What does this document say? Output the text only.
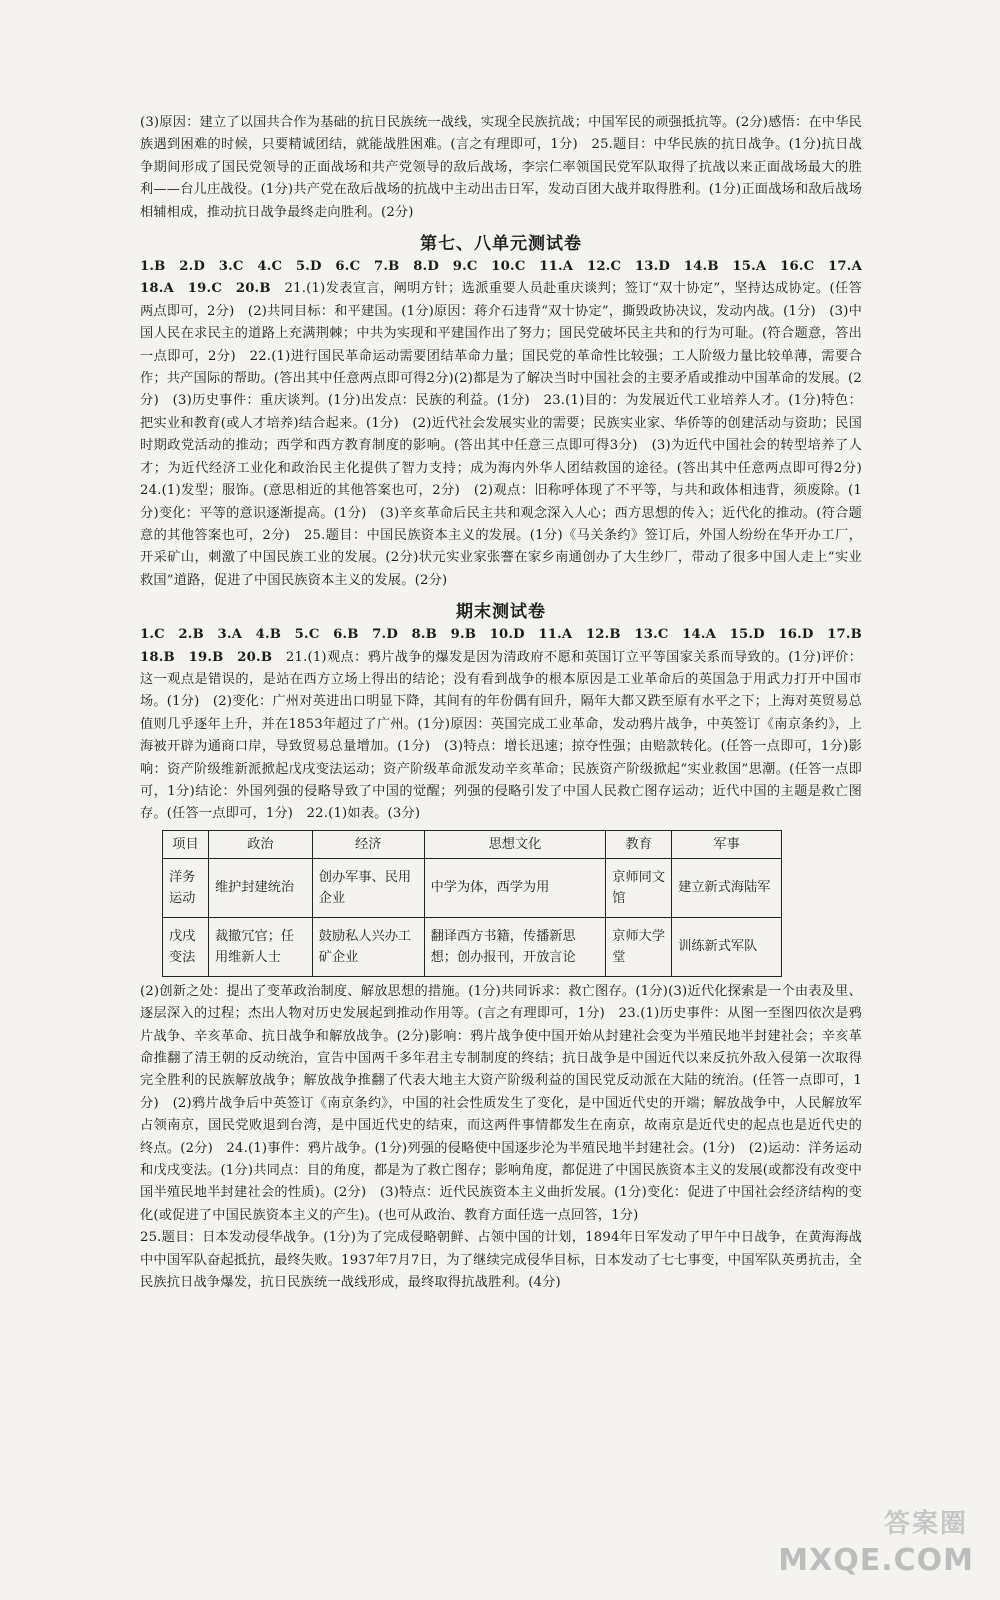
(3)原因：建立了以国共合作为基础的抗日民族统一战线，实现全民族抗战；中国军民的顽强抵抗等。(2分)感悟：在中华民族遇到困难的时候，只要精诚团结，就能战胜困难。(言之有理即可，1分)　25.题目：中华民族的抗日战争。(1分)抗日战争期间形成了国民党领导的正面战场和共产党领导的敌后战场，李宗仁率领国民党军队取得了抗战以来正面战场最大的胜利——台儿庄战役。(1分)共产党在敌后战场的抗战中主动出击日军，发动百团大战并取得胜利。(1分)正面战场和敌后战场相辅相成，推动抗日战争最终走向胜利。(2分)

第七、八单元测试卷

1.B　2.D　3.C　4.C　5.D　6.C　7.B　8.D　9.C　10.C　11.A　12.C　13.D　14.B　15.A　16.C　17.A　18.A　19.C　20.B　 21.(1)发表宣言，阐明方针；选派重要人员赴重庆谈判；签订“双十协定”，坚持达成协定。(任答两点即可，2分)　(2)共同目标：和平建国。(1分)原因：蒋介石违背“双十协定”，撕毁政协决议，发动内战。(1分)　(3)中国人民在求民主的道路上充满荆棘；中共为实现和平建国作出了努力；国民党破坏民主共和的行为可耻。(符合题意，答出一点即可，2分)　22.(1)进行国民革命运动需要团结革命力量；国民党的革命性比较强；工人阶级力量比较单薄，需要合作；共产国际的帮助。(答出其中任意两点即可得2分)(2)都是为了解决当时中国社会的主要矛盾或推动中国革命的发展。(2分)　(3)历史事件：重庆谈判。(1分)出发点：民族的利益。(1分)　23.(1)目的：为发展近代工业培养人才。(1分)特色：把实业和教育(或人才培养)结合起来。(1分)　(2)近代社会发展实业的需要；民族实业家、华侨等的创建活动与资助；民国时期政党活动的推动；西学和西方教育制度的影响。(答出其中任意三点即可得3分)　(3)为近代中国社会的转型培养了人才；为近代经济工业化和政治民主化提供了智力支持；成为海内外华人团结救国的途径。(答出其中任意两点即可得2分)　24.(1)发型；服饰。(意思相近的其他答案也可，2分)　(2)观点：旧称呼体现了不平等，与共和政体相违背，须废除。(1分)变化：平等的意识逐渐提高。(1分)　(3)辛亥革命后民主共和观念深入人心；西方思想的传入；近代化的推动。(符合题意的其他答案也可，2分)　25.题目：中国民族资本主义的发展。(1分)《马关条约》签订后，外国人纷纷在华开办工厂，开采矿山，刺激了中国民族工业的发展。(2分)状元实业家张謇在家乡南通创办了大生纱厂，带动了很多中国人走上“实业救国”道路，促进了中国民族资本主义的发展。(2分)

期末测试卷

1.C　2.B　3.A　4.B　5.C　6.B　7.D　8.B　9.B　10.D　11.A　12.B　13.C　14.A　15.D　16.D　17.B　18.B　19.B　20.B　 21.(1)观点：鸦片战争的爆发是因为清政府不愿和英国订立平等国家关系而导致的。(1分)评价：这一观点是错误的，是站在西方立场上得出的结论；没有看到战争的根本原因是工业革命后的英国急于用武力打开中国市场。(1分)　(2)变化：广州对英进出口明显下降，其间有的年份偶有回升，隔年大都又跌至原有水平之下；上海对英贸易总值则几乎逐年上升，并在1853年超过了广州。(1分)原因：英国完成工业革命，发动鸦片战争，中英签订《南京条约》，上海被开辟为通商口岸，导致贸易总量增加。(1分)　(3)特点：增长迅速；掠夺性强；由赔款转化。(任答一点即可，1分)影响：资产阶级维新派掀起戊戌变法运动；资产阶级革命派发动辛亥革命；民族资产阶级掀起“实业救国”思潮。(任答一点即可，1分)结论：外国列强的侵略导致了中国的觉醒；列强的侵略引发了中国人民救亡图存运动；近代中国的主题是救亡图存。(任答一点即可，1分)　22.(1)如表。(3分)

项目	政治	经济	思想文化	教育	军事
洋务运动	维护封建统治	创办军事、民用企业	中学为体，西学为用	京师同文馆	建立新式海陆军
戊戌变法	裁撤冗官；任用维新人士	鼓励私人兴办工矿企业	翻译西方书籍，传播新思想；创办报刊，开放言论	京师大学堂	训练新式军队

(2)创新之处：提出了变革政治制度、解放思想的措施。(1分)共同诉求：救亡图存。(1分)(3)近代化探索是一个由表及里、逐层深入的过程；杰出人物对历史发展起到推动作用等。(言之有理即可，1分)　23.(1)历史事件：从图一至图四依次是鸦片战争、辛亥革命、抗日战争和解放战争。(2分)影响：鸦片战争使中国开始从封建社会变为半殖民地半封建社会；辛亥革命推翻了清王朝的反动统治，宣告中国两千多年君主专制制度的终结；抗日战争是中国近代以来反抗外敌入侵第一次取得完全胜利的民族解放战争；解放战争推翻了代表大地主大资产阶级利益的国民党反动派在大陆的统治。(任答一点即可，1分)　(2)鸦片战争后中英签订《南京条约》，中国的社会性质发生了变化，是中国近代史的开端；解放战争中，人民解放军占领南京，国民党败退到台湾，是中国近代史的结束，而这两件事情都发生在南京，故南京是近代史的起点也是近代史的终点。(2分)　24.(1)事件：鸦片战争。(1分)列强的侵略使中国逐步沦为半殖民地半封建社会。(1分)　(2)运动：洋务运动和戊戌变法。(1分)共同点：目的角度，都是为了救亡图存；影响角度，都促进了中国民族资本主义的发展(或都没有改变中国半殖民地半封建社会的性质)。(2分)　(3)特点：近代民族资本主义曲折发展。(1分)变化：促进了中国社会经济结构的变化(或促进了中国民族资本主义的产生)。(也可从政治、教育方面任选一点回答，1分)

25.题目：日本发动侵华战争。(1分)为了完成侵略朝鲜、占领中国的计划，1894年日军发动了甲午中日战争，在黄海海战中中国军队奋起抵抗，最终失败。1937年7月7日，为了继续完成侵华目标，日本发动了七七事变，中国军队英勇抗击，全民族抗日战争爆发，抗日民族统一战线形成，最终取得抗战胜利。(4分)

答案圈
MXQE.COM
